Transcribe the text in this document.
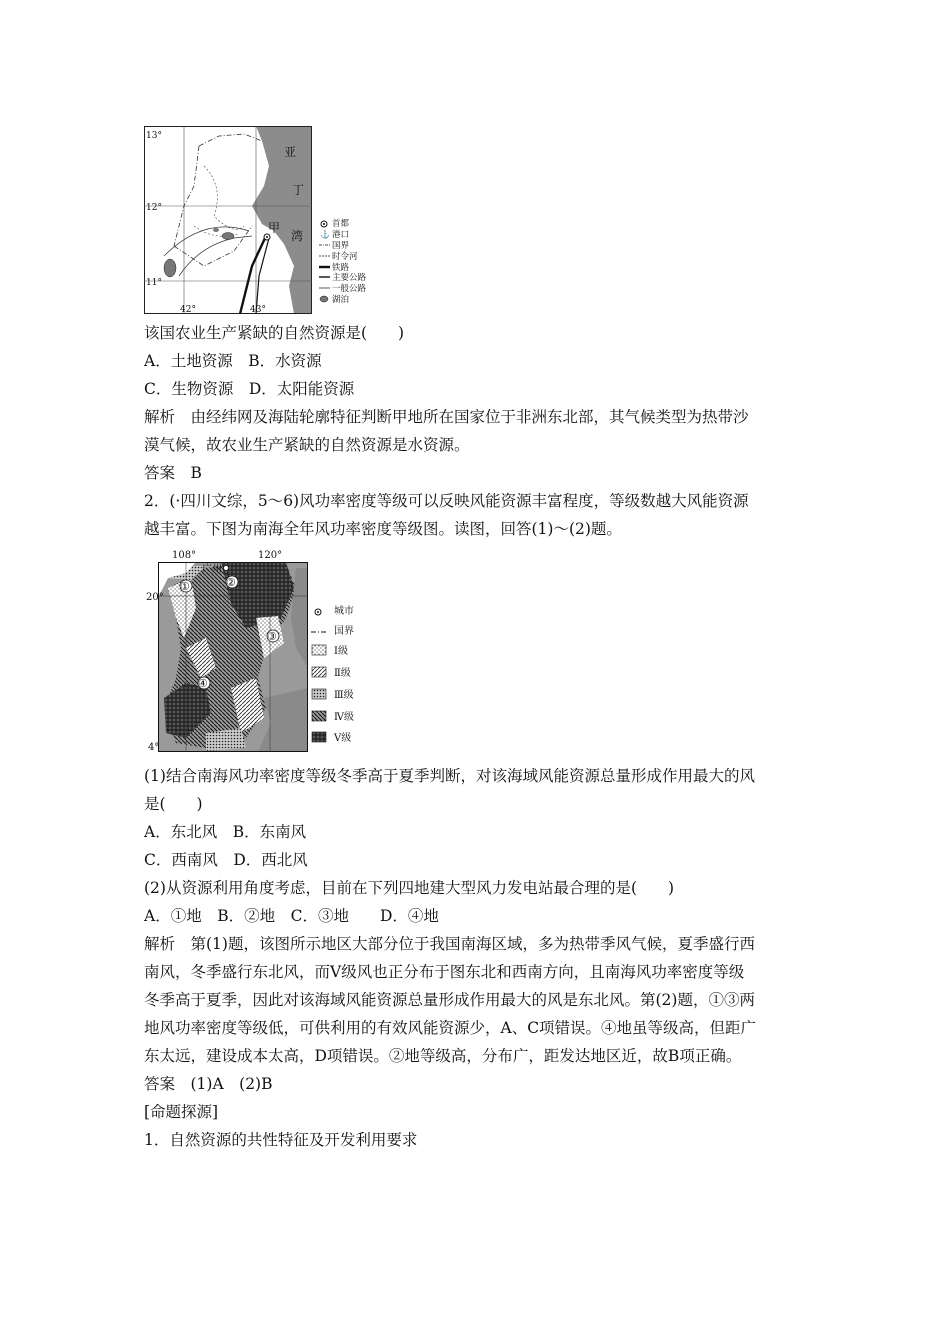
13°
12°
11°
42°	43°
亚
丁
湾
甲	⚓
首都
港口
国界
时令河
铁路
主要公路
一般公路
湖泊
该国农业生产紧缺的自然资源是(　　)
A．土地资源　B．水资源
C．生物资源　D．太阳能资源
解析　由经纬网及海陆轮廓特征判断甲地所在国家位于非洲东北部，其气候类型为热带沙
漠气候，故农业生产紧缺的自然资源是水资源。
答案　B
2．(·四川文综，5～6)风功率密度等级可以反映风能资源丰富程度，等级数越大风能资源
越丰富。下图为南海全年风功率密度等级图。读图，回答(1)～(2)题。
①	②
③
④
广州
108°	120°
20°
4°
城市
国界
Ⅰ级
Ⅱ级
Ⅲ级
Ⅳ级
Ⅴ级
(1)结合南海风功率密度等级冬季高于夏季判断，对该海域风能资源总量形成作用最大的风
是(　　)
A．东北风　B．东南风
C．西南风　D．西北风
(2)从资源利用角度考虑，目前在下列四地建大型风力发电站最合理的是(　　)
A．①地　B．②地　C．③地　　D．④地
解析　第(1)题，该图所示地区大部分位于我国南海区域，多为热带季风气候，夏季盛行西
南风，冬季盛行东北风，而Ⅴ级风也正分布于图东北和西南方向，且南海风功率密度等级
冬季高于夏季，因此对该海域风能资源总量形成作用最大的风是东北风。第(2)题，①③两
地风功率密度等级低，可供利用的有效风能资源少，A、C项错误。④地虽等级高，但距广
东太远，建设成本太高，D项错误。②地等级高，分布广，距发达地区近，故B项正确。
答案　(1)A　(2)B
[命题探源]
1．自然资源的共性特征及开发利用要求
